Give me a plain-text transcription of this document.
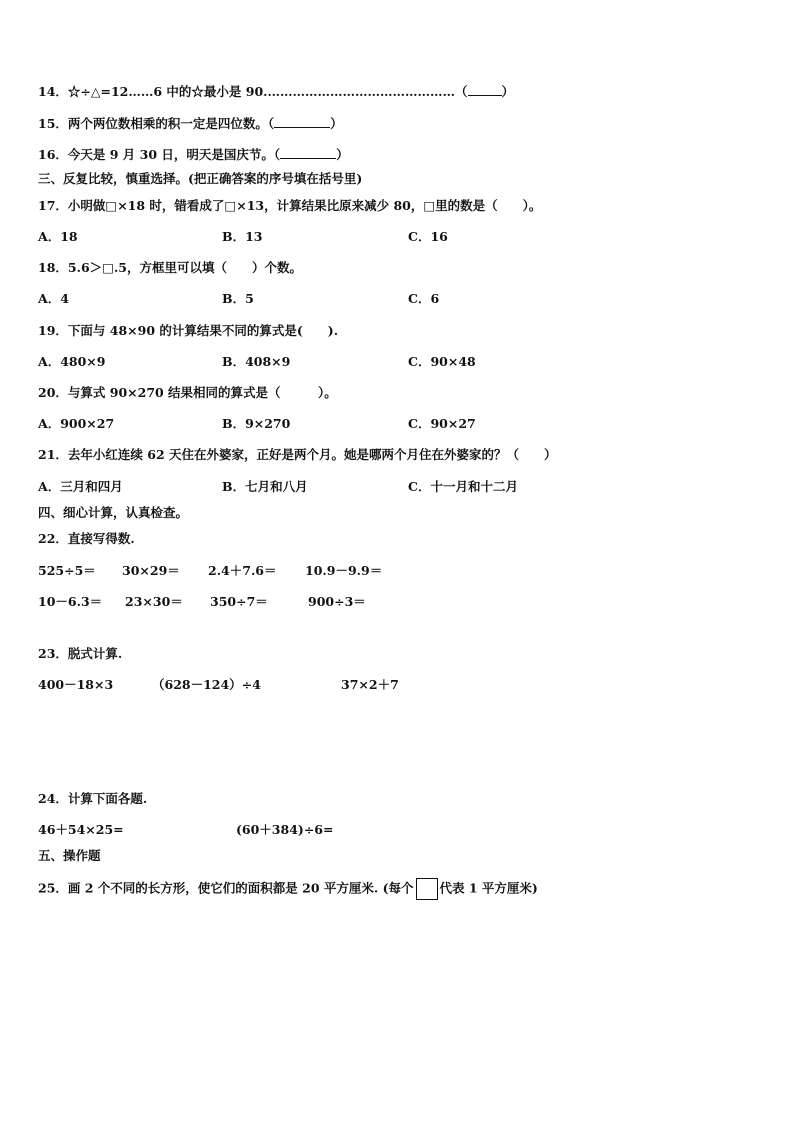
14．☆÷△=12……6 中的☆最小是 90.………………………………………（	）
15．两个两位数相乘的积一定是四位数。（	）
16．今天是 9 月 30 日，明天是国庆节。（	）
三、反复比较，慎重选择。(把正确答案的序号填在括号里)
17．小明做□×18 时，错看成了□×13，计算结果比原来减少 80，□里的数是（　　）。
A．18	B．13	C．16
18．5.6＞□.5，方框里可以填（　　）个数。
A．4	B．5	C．6
19．下面与 48×90 的计算结果不同的算式是(　　).
A．480×9	B．408×9	C．90×48
20．与算式 90×270 结果相同的算式是（　　　）。
A．900×27	B．9×270	C．90×27
21．去年小红连续 62 天住在外婆家，正好是两个月。她是哪两个月住在外婆家的？（　　）
A．三月和四月	B．七月和八月	C．十一月和十二月
四、细心计算，认真检查。
22．直接写得数.
525÷5＝ 30×29＝ 2.4＋7.6＝ 10.9－9.9＝
10－6.3＝ 23×30＝ 350÷7＝	900÷3＝
23．脱式计算.
400－18×3	（628－124）÷4	37×2＋7
24．计算下面各题.
46＋54×25=	(60＋384)÷6=
五、操作题
25．画 2 个不同的长方形，使它们的面积都是 20 平方厘米. (每个 代表 1 平方厘米)
